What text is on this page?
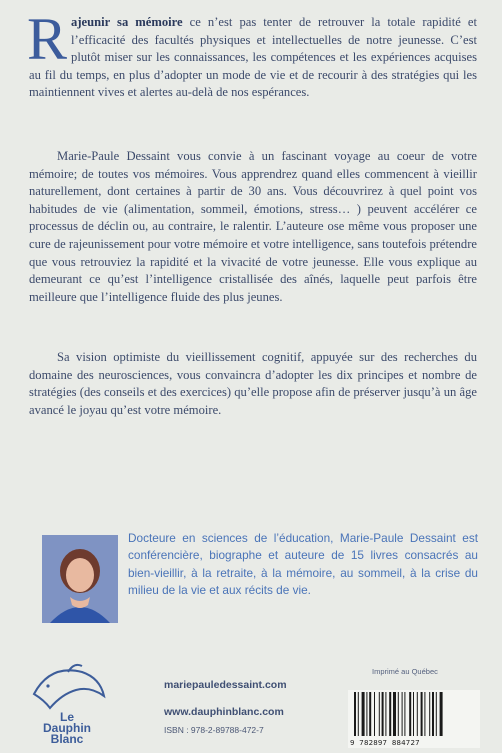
Rajeunir sa mémoire ce n’est pas tenter de retrouver la totale rapidité et l’efficacité des facultés physiques et intellectuelles de notre jeunesse. C’est plutôt miser sur les connaissances, les compétences et les expériences acquises au fil du temps, en plus d’adopter un mode de vie et de recourir à des stratégies qui les maintiennent vives et alertes au-delà de nos espérances.

Marie-Paule Dessaint vous convie à un fascinant voyage au coeur de votre mémoire; de toutes vos mémoires. Vous apprendrez quand elles commencent à vieillir naturellement, dont certaines à partir de 30 ans. Vous découvrirez à quel point vos habitudes de vie (alimentation, sommeil, émotions, stress… ) peuvent accélérer ce processus de déclin ou, au contraire, le ralentir. L’auteure ose même vous proposer une cure de rajeunissement pour votre mémoire et votre intelligence, sans toutefois prétendre que vous retrouviez la rapidité et la vivacité de votre jeunesse. Elle vous explique au demeurant ce qu’est l’intelligence cristallisée des aînés, laquelle peut parfois être meilleure que l’intelligence fluide des plus jeunes.

Sa vision optimiste du vieillissement cognitif, appuyée sur des recherches du domaine des neurosciences, vous convaincra d’adopter les dix principes et nombre de stratégies (des conseils et des exercices) qu’elle propose afin de préserver jusqu’à un âge avancé le joyau qu’est votre mémoire.

Docteure en sciences de l’éducation, Marie-Paule Dessaint est conférencière, biographe et auteure de 15 livres consacrés au bien-vieillir, à la retraite, à la mémoire, au sommeil, à la crise du milieu de la vie et aux récits de vie.
Le
Dauphin
Blanc
mariepauledessaint.com
www.dauphinblanc.com
ISBN : 978-2-89788-472-7
Imprimé au Québec
9 782897 884727
